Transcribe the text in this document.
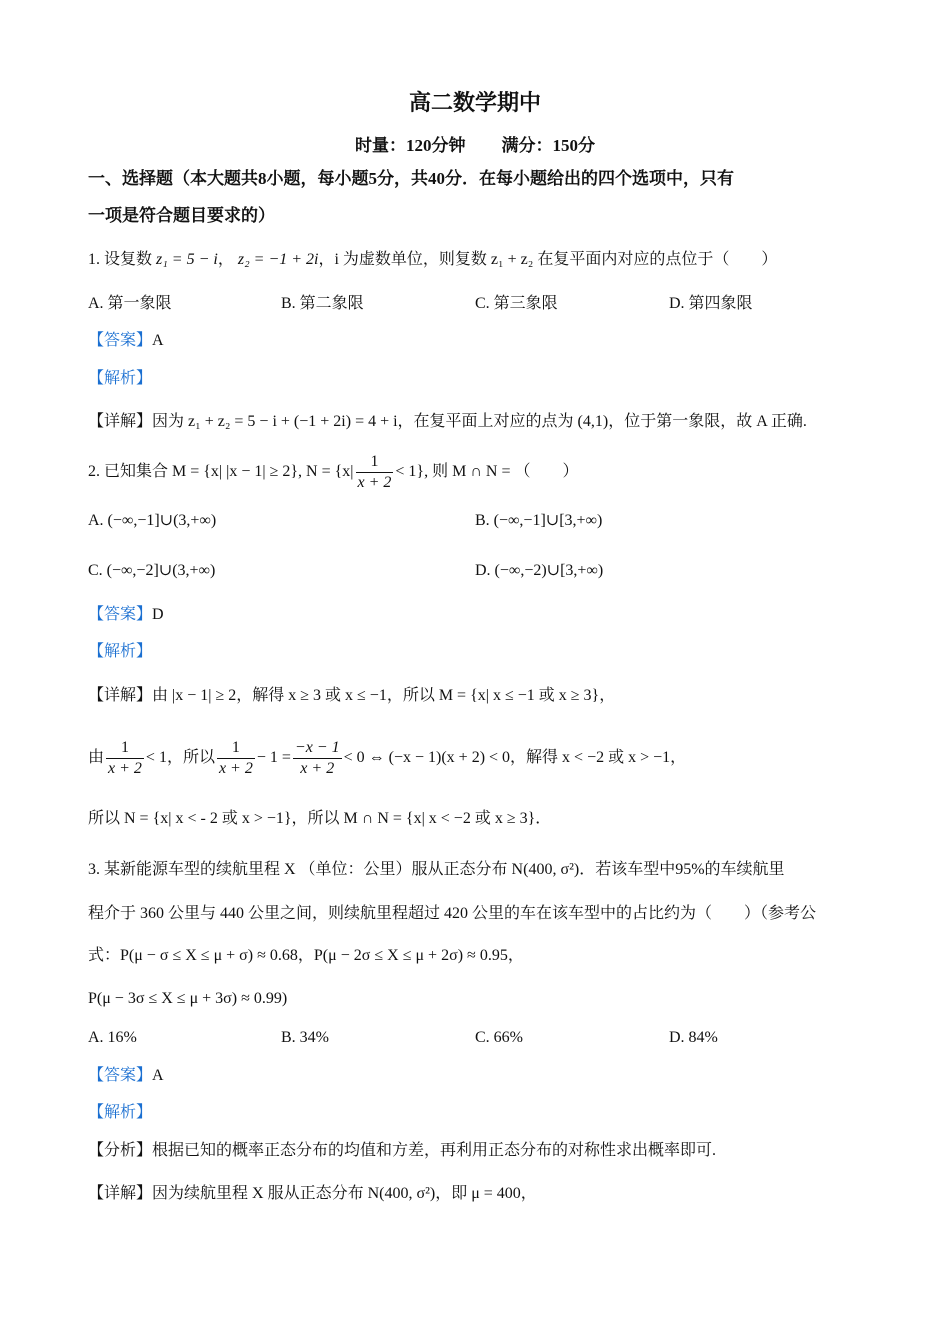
高二数学期中
时量：120分钟 满分：150分
一、选择题（本大题共8小题，每小题5分，共40分．在每小题给出的四个选项中，只有
一项是符合题目要求的）
1. 设复数 z₁ = 5 − i， z₂ = −1 + 2i，i 为虚数单位，则复数 z₁ + z₂ 在复平面内对应的点位于（　　）
A. 第一象限	B. 第二象限	C. 第三象限	D. 第四象限
【答案】A
【解析】
【详解】因为 z₁ + z₂ = 5 − i + (−1 + 2i) = 4 + i，在复平面上对应的点为 (4,1)，位于第一象限，故 A 正确.
2. 已知集合 M = {x| |x − 1| ≥ 2}, $N = \{x| \frac{1}{x + 2} < 1\}$, 则 M ∩ N = （　　）
A. (−∞,−1]∪(3,+∞)	B. (−∞,−1]∪[3,+∞)
C. (−∞,−2]∪(3,+∞)	D. (−∞,−2)∪[3,+∞)
【答案】D
【解析】
【详解】由 |x − 1| ≥ 2，解得 x ≥ 3 或 x ≤ −1，所以 M = {x| x ≤ −1 或 x ≥ 3}，
由 $\frac{1}{x + 2} < 1$，所以 $\frac{1}{x + 2} - 1 = \frac{-x - 1}{x + 2} < 0$ ⇔ (−x − 1)(x + 2) < 0，解得 x < −2 或 x > −1，
所以 N = {x| x < - 2 或 x > −1}，所以 M ∩ N = {x| x < −2 或 x ≥ 3}．
3. 某新能源车型的续航里程 X （单位：公里）服从正态分布 N(400, σ²)．若该车型中95%的车续航里
程介于 360 公里与 440 公里之间，则续航里程超过 420 公里的车在该车型中的占比约为（　　）（参考公
式：P(μ − σ ≤ X ≤ μ + σ) ≈ 0.68，P(μ − 2σ ≤ X ≤ μ + 2σ) ≈ 0.95，
P(μ − 3σ ≤ X ≤ μ + 3σ) ≈ 0.99)
A. 16%	B. 34%	C. 66%	D. 84%
【答案】A
【解析】
【分析】根据已知的概率正态分布的均值和方差，再利用正态分布的对称性求出概率即可.
【详解】因为续航里程 X 服从正态分布 N(400, σ²)，即 μ = 400，
